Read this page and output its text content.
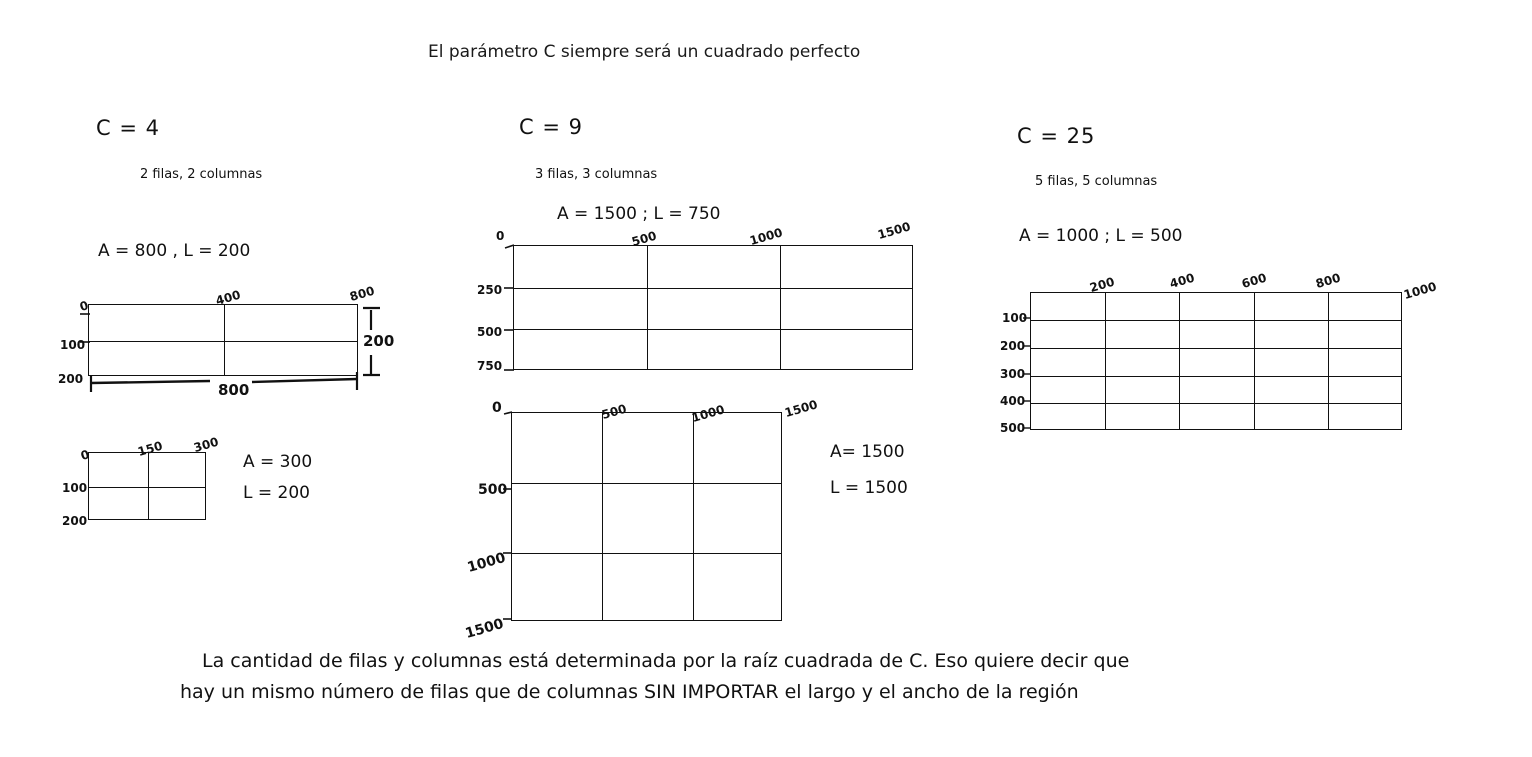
El parámetro C siempre será un cuadrado perfecto
C = 4
2 filas, 2 columnas
A = 800 , L = 200
0	400	800
100
200
800
200
0	150 300
100
200
A = 300
L = 200
C = 9
3 filas, 3 columnas
A = 1500 ; L = 750
0	500	1000	1500
250
500
750
0	500	1000	1500
500
1000
1500
A= 1500
L = 1500
C = 25
5 filas, 5 columnas
A = 1000 ; L = 500
200	400	600	800	1000
100
200
300
400
500
La cantidad de filas y columnas está determinada por la raíz cuadrada de C. Eso quiere decir que
hay un mismo número de filas que de columnas SIN IMPORTAR el largo y el ancho de la región
